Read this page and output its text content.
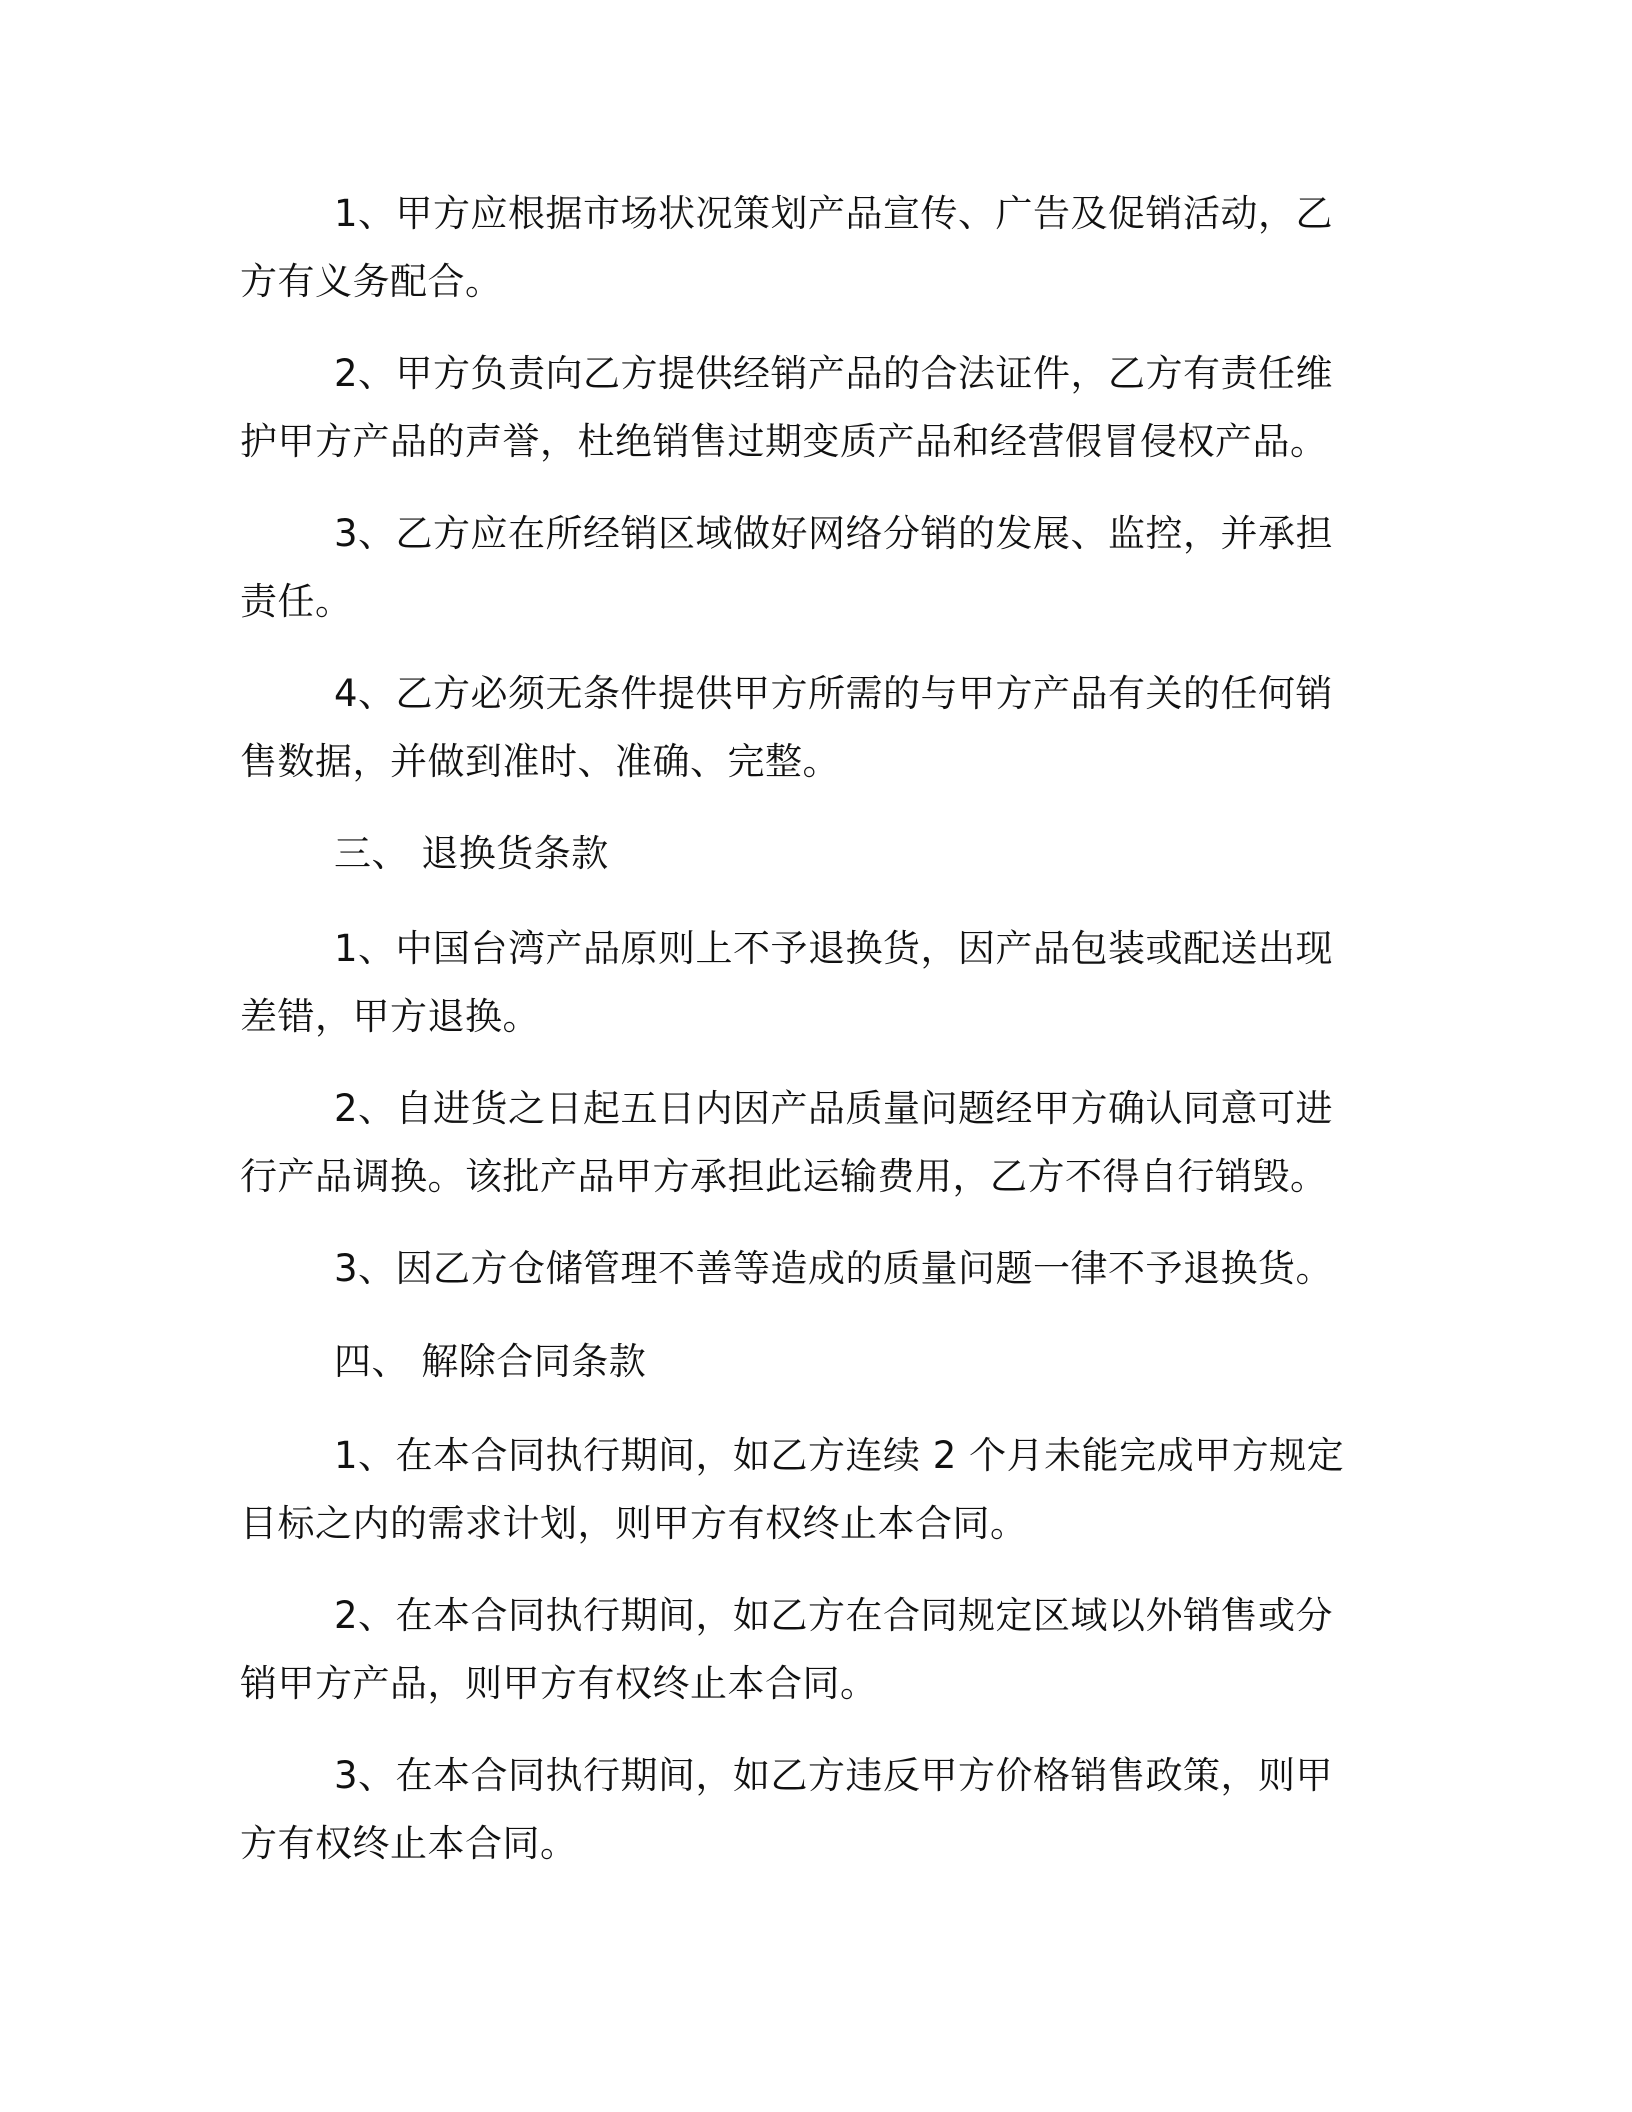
1、甲方应根据市场状况策划产品宣传、广告及促销活动，乙方有义务配合。

2、甲方负责向乙方提供经销产品的合法证件，乙方有责任维护甲方产品的声誉，杜绝销售过期变质产品和经营假冒侵权产品。

3、乙方应在所经销区域做好网络分销的发展、监控，并承担责任。

4、乙方必须无条件提供甲方所需的与甲方产品有关的任何销售数据，并做到准时、准确、完整。

三、 退换货条款

1、中国台湾产品原则上不予退换货，因产品包装或配送出现差错，甲方退换。

2、自进货之日起五日内因产品质量问题经甲方确认同意可进行产品调换。该批产品甲方承担此运输费用，乙方不得自行销毁。

3、因乙方仓储管理不善等造成的质量问题一律不予退换货。

四、 解除合同条款

1、在本合同执行期间，如乙方连续 2 个月未能完成甲方规定目标之内的需求计划，则甲方有权终止本合同。

2、在本合同执行期间，如乙方在合同规定区域以外销售或分销甲方产品，则甲方有权终止本合同。

3、在本合同执行期间，如乙方违反甲方价格销售政策，则甲方有权终止本合同。
